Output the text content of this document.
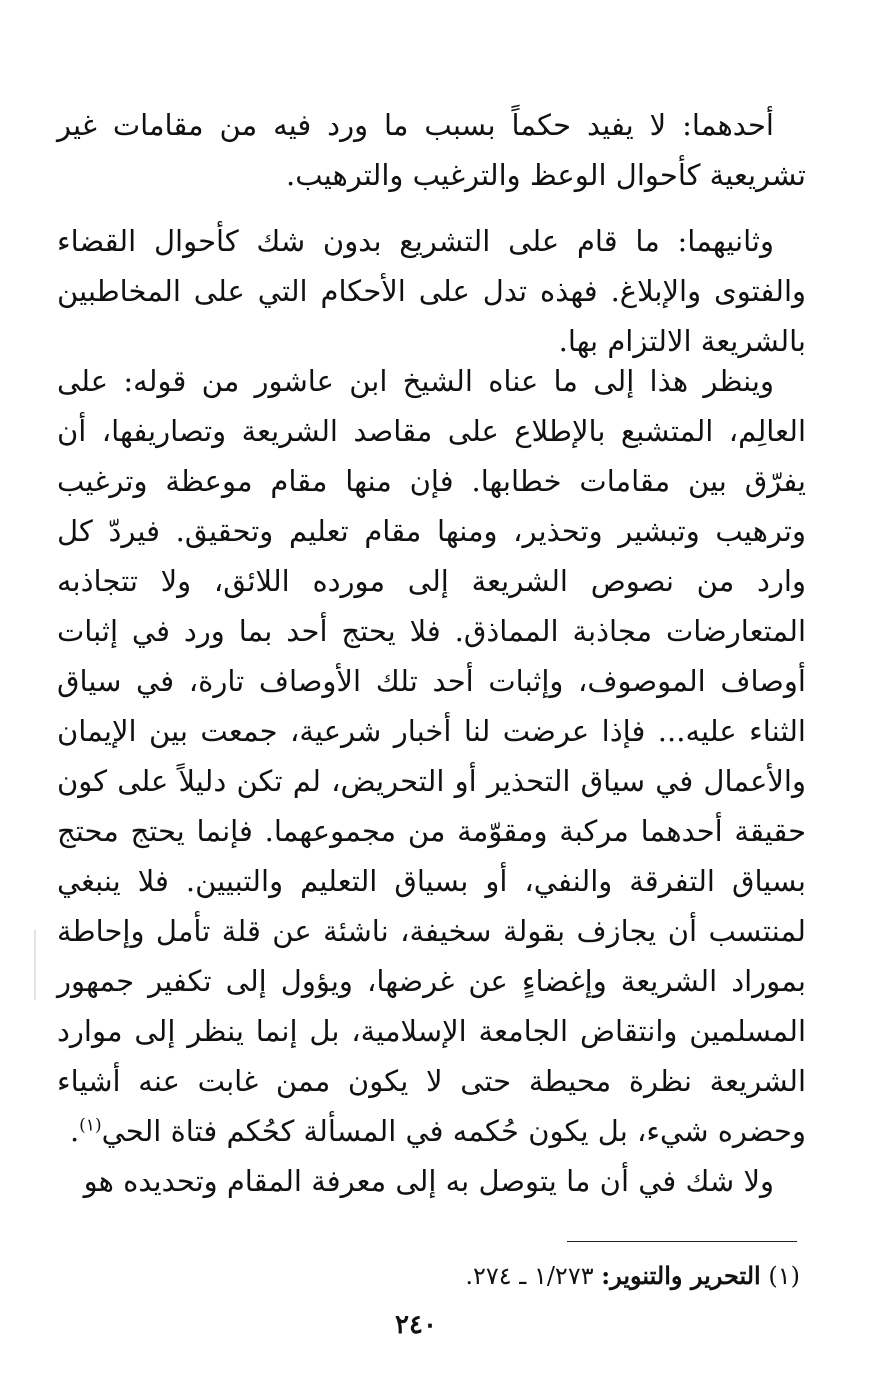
أحدهما: لا يفيد حكماً بسبب ما ورد فيه من مقامات غير تشريعية كأحوال الوعظ والترغيب والترهيب.

وثانيهما: ما قام على التشريع بدون شك كأحوال القضاء والفتوى والإبلاغ. فهذه تدل على الأحكام التي على المخاطبين بالشريعة الالتزام بها.

وينظر هذا إلى ما عناه الشيخ ابن عاشور من قوله: على العالِم، المتشبع بالإطلاع على مقاصد الشريعة وتصاريفها، أن يفرّق بين مقامات خطابها. فإن منها مقام موعظة وترغيب وترهيب وتبشير وتحذير، ومنها مقام تعليم وتحقيق. فيردّ كل وارد من نصوص الشريعة إلى مورده اللائق، ولا تتجاذبه المتعارضات مجاذبة المماذق. فلا يحتج أحد بما ورد في إثبات أوصاف الموصوف، وإثبات أحد تلك الأوصاف تارة، في سياق الثناء عليه... فإذا عرضت لنا أخبار شرعية، جمعت بين الإيمان والأعمال في سياق التحذير أو التحريض، لم تكن دليلاً على كون حقيقة أحدهما مركبة ومقوّمة من مجموعهما. فإنما يحتج محتج بسياق التفرقة والنفي، أو بسياق التعليم والتبيين. فلا ينبغي لمنتسب أن يجازف بقولة سخيفة، ناشئة عن قلة تأمل وإحاطة بموراد الشريعة وإغضاءٍ عن غرضها، ويؤول إلى تكفير جمهور المسلمين وانتقاض الجامعة الإسلامية، بل إنما ينظر إلى موارد الشريعة نظرة محيطة حتى لا يكون ممن غابت عنه أشياء وحضره شيء، بل يكون حُكمه في المسألة كحُكم فتاة الحي$^{(١)}$.

ولا شك في أن ما يتوصل به إلى معرفة المقام وتحديده هو

(١) التحرير والتنوير: ١/٢٧٣ ـ ٢٧٤.

٢٤٠
